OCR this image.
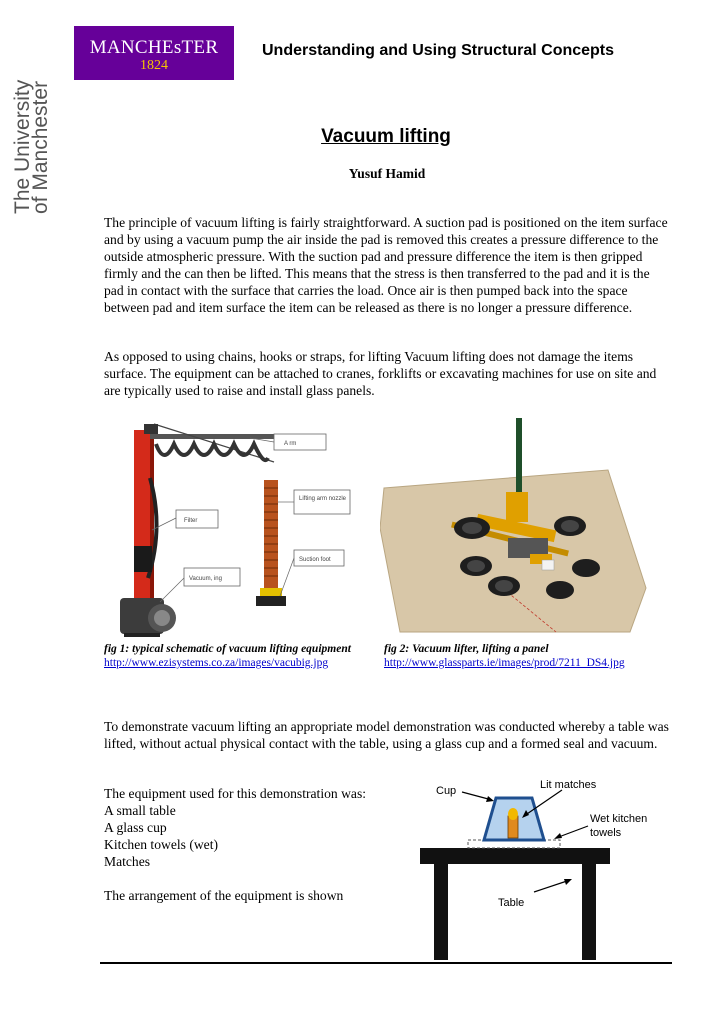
MANCHEsTER
1824
The University
of Manchester
Understanding and Using Structural Concepts
Vacuum lifting
Yusuf Hamid

The principle of vacuum lifting is fairly straightforward. A suction pad is positioned on the item surface and by using a vacuum pump the air inside the pad is removed this creates a pressure difference to the outside atmospheric pressure. With the suction pad and pressure difference the item is then gripped firmly and the can then be lifted. This means that the stress is then transferred to the pad and it is the pad in contact with the surface that carries the load. Once air is then pumped back into the space between pad and item surface the item can be released as there is no longer a pressure difference.

As opposed to using chains, hooks or straps, for lifting Vacuum lifting does not damage the items surface. The equipment can be attached to cranes, forklifts or excavating machines for use on site and are typically used to raise and install glass panels.

A rm
Lifting arm nozzle
Filter
Suction foot
Vacuum, ing
fig 1: typical schematic of vacuum lifting equipment
http://www.ezisystems.co.za/images/vacubig.jpg
fig 2: Vacuum lifter, lifting a panel
http://www.glassparts.ie/images/prod/7211_DS4.jpg

To demonstrate vacuum lifting an appropriate model demonstration was conducted whereby a table was lifted, without actual physical contact with the table, using a glass cup and a formed seal and vacuum.

The equipment used for this demonstration was:
A small table
A glass cup
Kitchen towels (wet)
Matches
The arrangement of the equipment is shown
Cup	Lit matches
Wet kitchen
towels
Table
